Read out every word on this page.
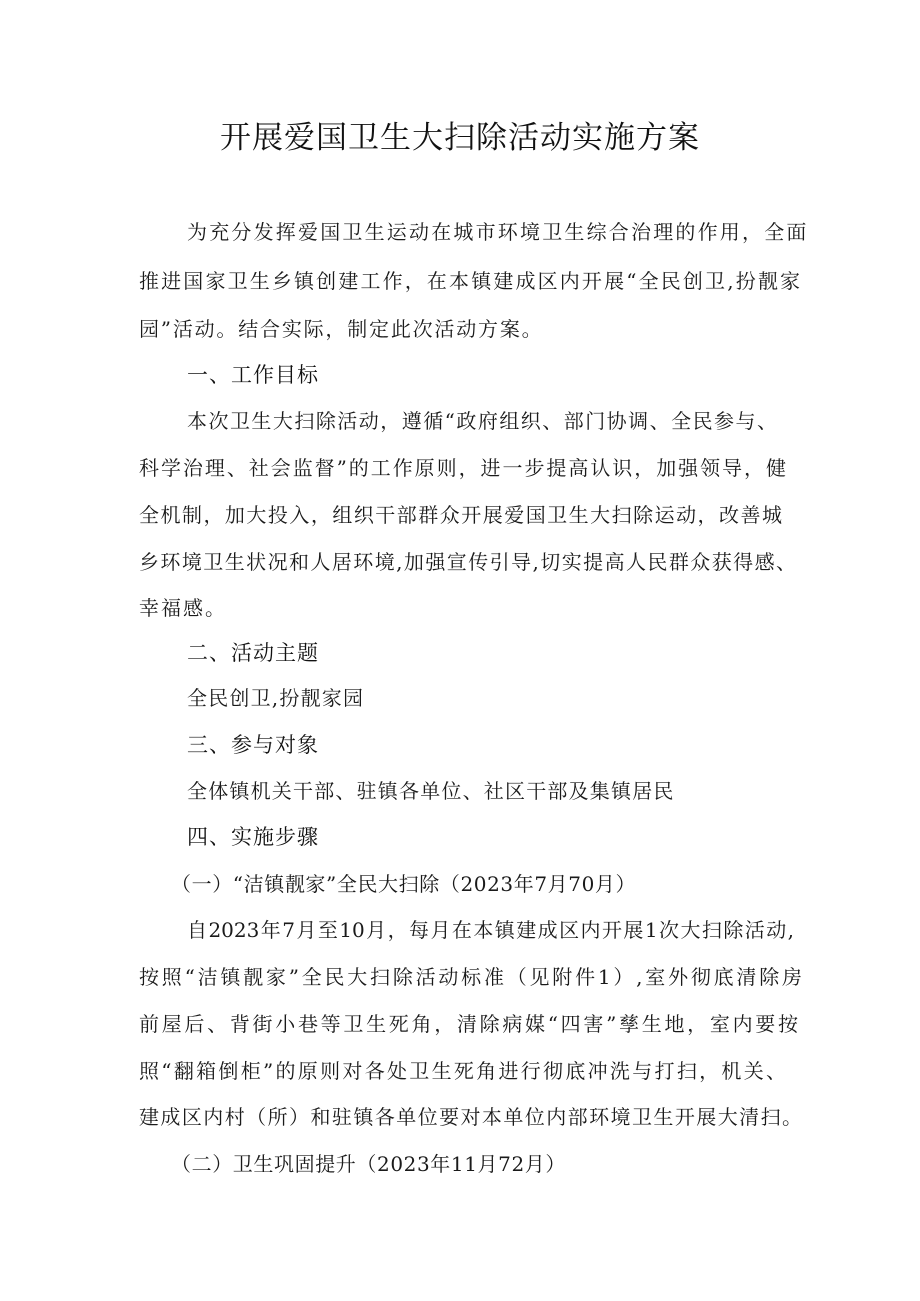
开展爱国卫生大扫除活动实施方案
为充分发挥爱国卫生运动在城市环境卫生综合治理的作用，全面
推进国家卫生乡镇创建工作，在本镇建成区内开展“全民创卫,扮靓家
园”活动。结合实际，制定此次活动方案。
一、工作目标
本次卫生大扫除活动，遵循“政府组织、部门协调、全民参与、
科学治理、社会监督”的工作原则，进一步提高认识，加强领导，健
全机制，加大投入，组织干部群众开展爱国卫生大扫除运动，改善城
乡环境卫生状况和人居环境,加强宣传引导,切实提高人民群众获得感、
幸福感。
二、活动主题
全民创卫,扮靓家园
三、参与对象
全体镇机关干部、驻镇各单位、社区干部及集镇居民
四、实施步骤
（一）“洁镇靓家”全民大扫除（2023年7月70月）
自2023年7月至10月，每月在本镇建成区内开展1次大扫除活动,
按照“洁镇靓家”全民大扫除活动标准（见附件1）,室外彻底清除房
前屋后、背街小巷等卫生死角，清除病媒“四害”孳生地，室内要按
照“翻箱倒柜”的原则对各处卫生死角进行彻底冲洗与打扫，机关、
建成区内村（所）和驻镇各单位要对本单位内部环境卫生开展大清扫。
（二）卫生巩固提升（2023年11月72月）
